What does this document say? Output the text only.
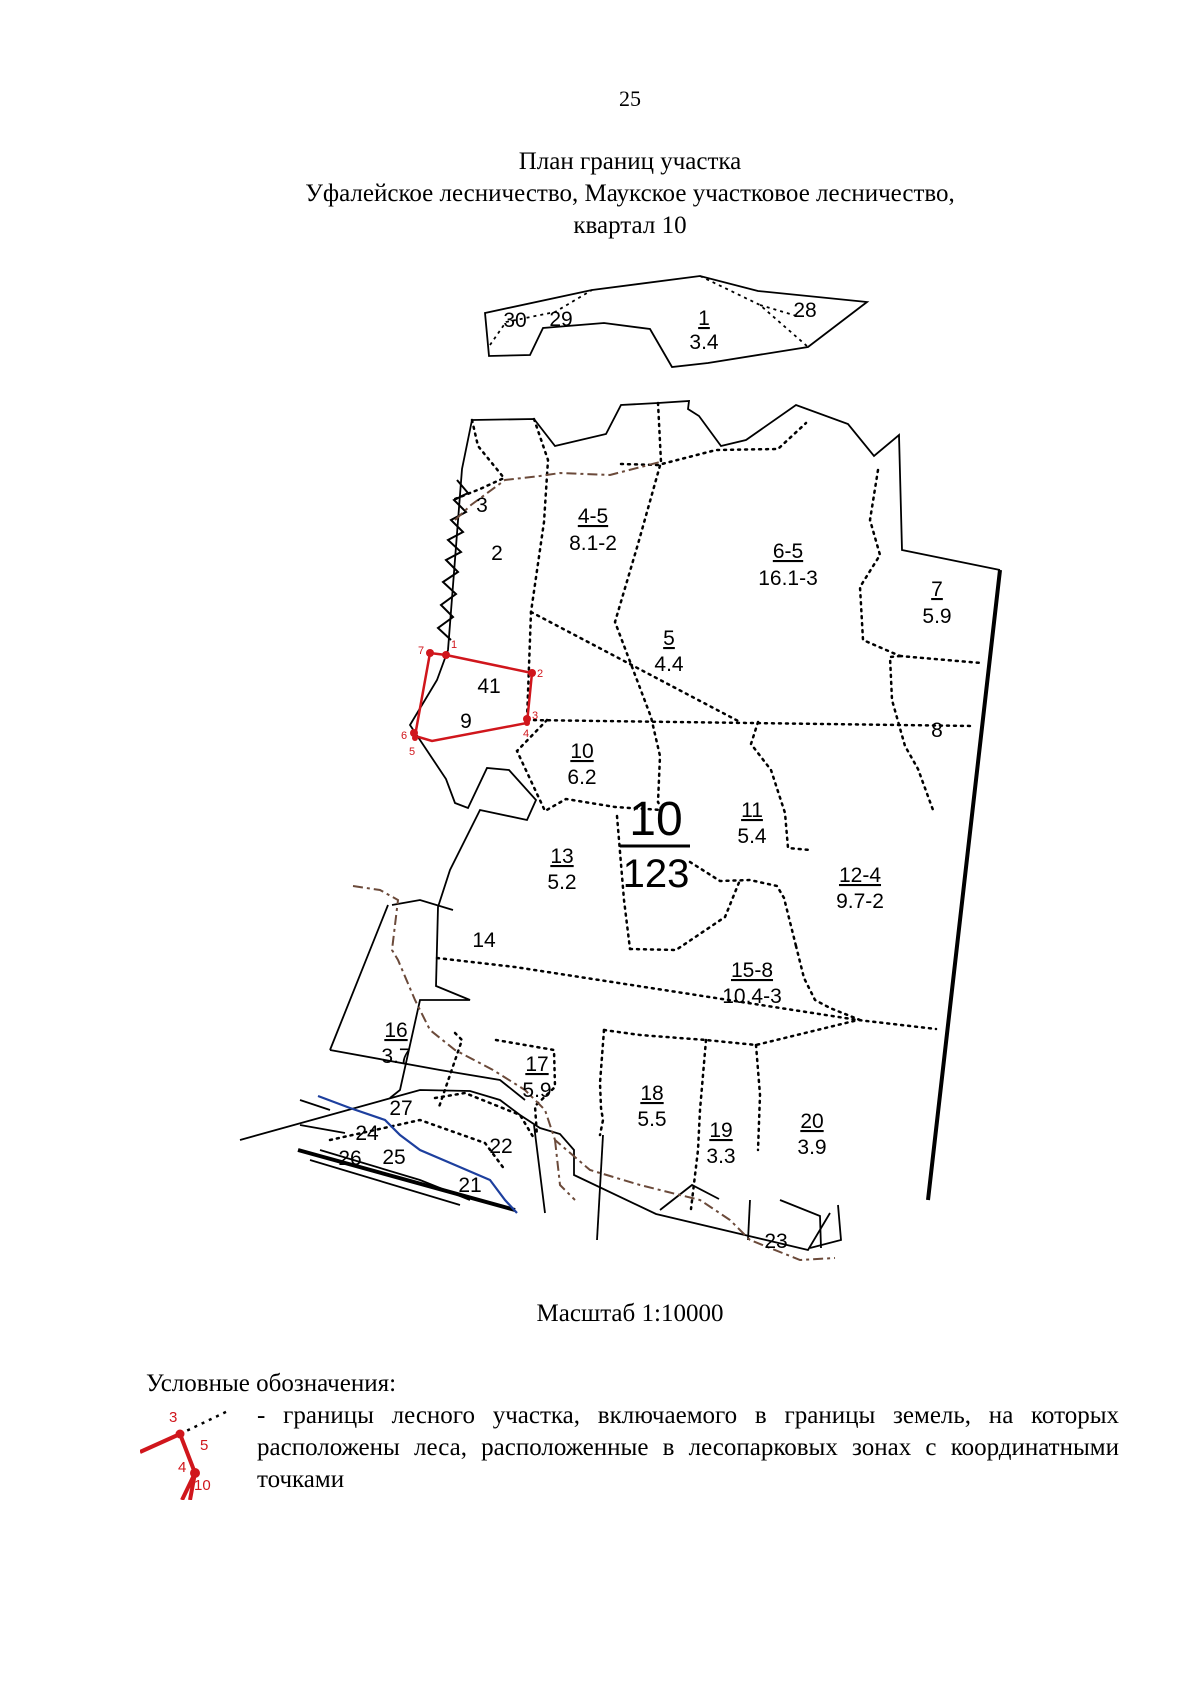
25
План границ участка
Уфалейское лесничество, Маукское участковое лесничество,
квартал 10
1
2
3
4
5
6
7
30 29	1
3.4
28
3
2
4-5
8.1-2	6-5
16.1-3	7
5.9
5
4.4
41
9	8
10
6.2
11
5.4
13
5.2	12-4
9.7-2
14
15-8
10.4-3
16
3.7	17
5.9	18
5.5 19
3.3
20
3.9
27
24
22
26 25
21
23
10
123
Масштаб 1:10000
Условные обозначения:
3
5
4
10
- границы лесного участка, включаемого в границы земель, на которых расположены леса, расположенные в лесопарковых зонах с координатными точками
